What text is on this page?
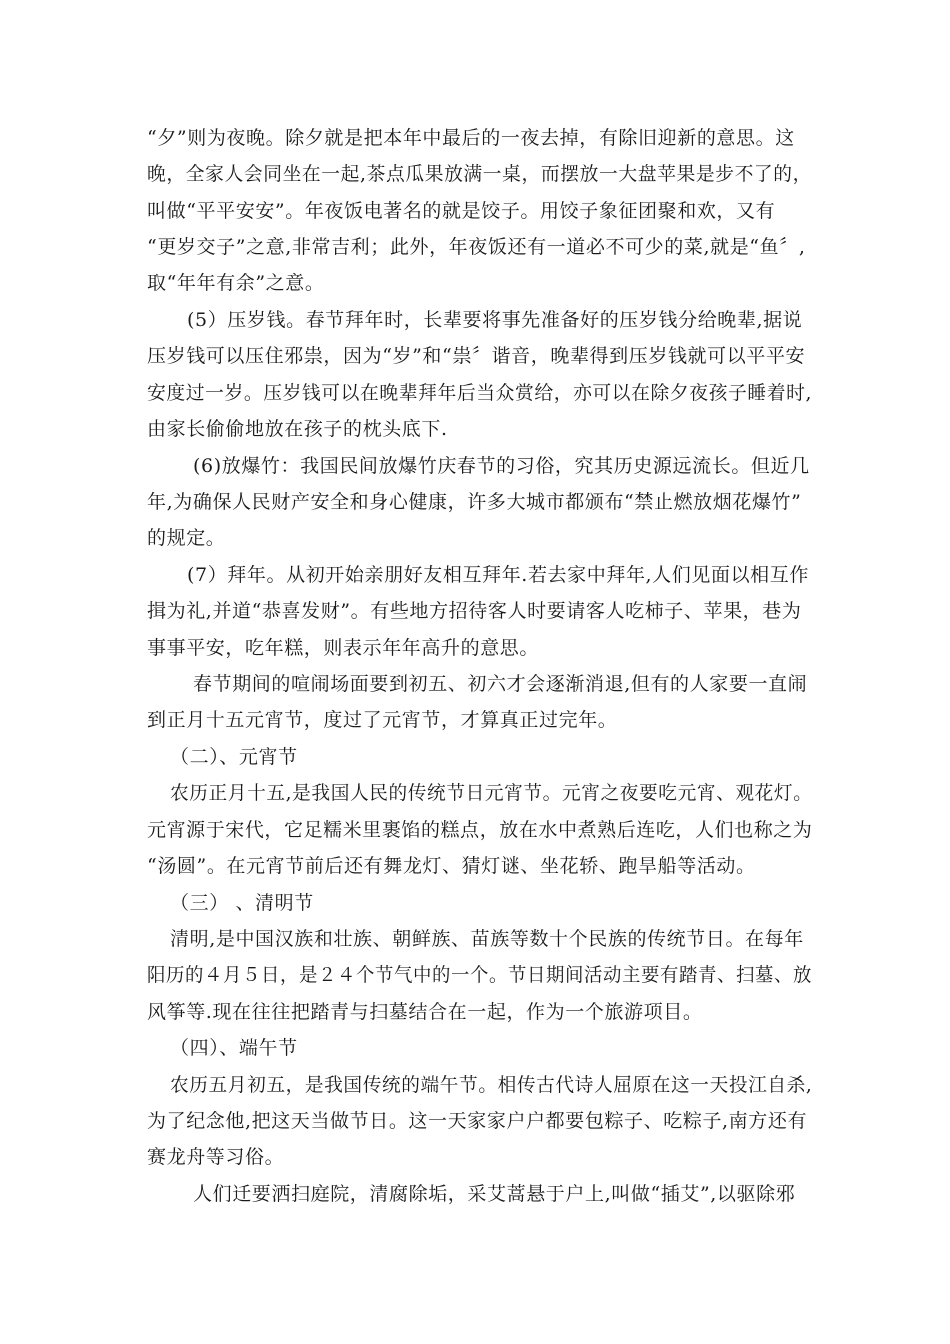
“夕”则为夜晚。除夕就是把本年中最后的一夜去掉，有除旧迎新的意思。这
晚，全家人会同坐在一起,茶点瓜果放满一桌，而摆放一大盘苹果是步不了的，
叫做“平平安安”。年夜饭电著名的就是饺子。用饺子象征团聚和欢，又有
“更岁交子”之意,非常吉利；此外，年夜饭还有一道必不可少的菜,就是“鱼〞,
取“年年有余”之意。
(5）压岁钱。春节拜年时，长辈要将事先准备好的压岁钱分给晚辈,据说
压岁钱可以压住邪祟，因为“岁”和“祟〞谐音，晚辈得到压岁钱就可以平平安
安度过一岁。压岁钱可以在晚辈拜年后当众赏给，亦可以在除夕夜孩子睡着时,
由家长偷偷地放在孩子的枕头底下.
(6)放爆竹：我国民间放爆竹庆春节的习俗，究其历史源远流长。但近几
年,为确保人民财产安全和身心健康，许多大城市都颁布“禁止燃放烟花爆竹”
的规定。
(7）拜年。从初开始亲朋好友相互拜年.若去家中拜年,人们见面以相互作
揖为礼,并道“恭喜发财”。有些地方招待客人时要请客人吃柿子、苹果，巷为
事事平安，吃年糕，则表示年年高升的意思。
春节期间的喧闹场面要到初五、初六才会逐渐消退,但有的人家要一直闹
到正月十五元宵节，度过了元宵节，才算真正过完年。
（二）、元宵节
农历正月十五,是我国人民的传统节日元宵节。元宵之夜要吃元宵、观花灯。
元宵源于宋代，它足糯米里裹馅的糕点，放在水中煮熟后连吃，人们也称之为
“汤圆”。在元宵节前后还有舞龙灯、猜灯谜、坐花轿、跑旱船等活动。
（三） 、清明节
清明,是中国汉族和壮族、朝鲜族、苗族等数十个民族的传统节日。在每年
阳历的４月５日，是２４个节气中的一个。节日期间活动主要有踏青、扫墓、放
风筝等.现在往往把踏青与扫墓结合在一起，作为一个旅游项目。
（四）、端午节
农历五月初五，是我国传统的端午节。相传古代诗人屈原在这一天投江自杀,
为了纪念他,把这天当做节日。这一天家家户户都要包粽子、吃粽子,南方还有
赛龙舟等习俗。
人们迁要洒扫庭院，清腐除垢，采艾蒿悬于户上,叫做“插艾”,以驱除邪
